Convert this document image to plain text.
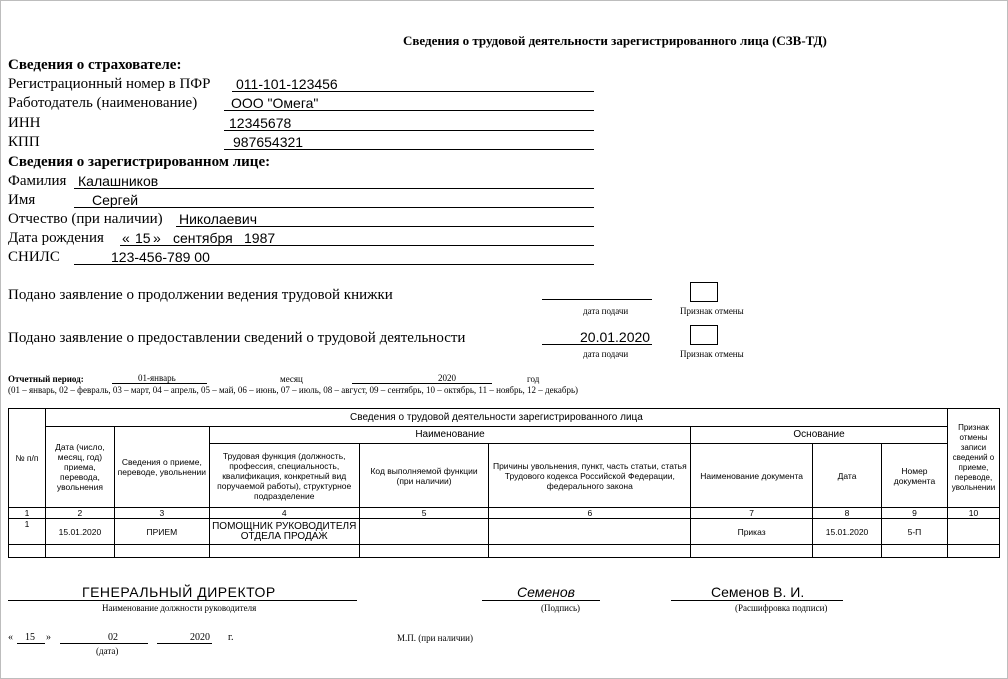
Сведения о трудовой деятельности зарегистрированного лица (СЗВ-ТД)
Сведения о страхователе:
Регистрационный номер в ПФР 011-101-123456
Работодатель (наименование) ООО "Омега"
ИНН	12345678
КПП	987654321
Сведения о зарегистрированном лице:
Фамилия Калашников
Имя	Сергей
Отчество (при наличии) Николаевич
Дата рождения « 15 » сентября 1987
СНИЛС	123-456-789 00
Подано заявление о продолжении ведения трудовой книжки
дата подачи	Признак отмены
Подано заявление о предоставлении сведений о трудовой деятельности	20.01.2020
дата подачи	Признак отмены
Отчетный период:	01-январь	месяц	2020	год
(01 – январь, 02 – февраль, 03 – март, 04 – апрель, 05 – май, 06 – июнь, 07 – июль, 08 – август, 09 – сентябрь, 10 – октябрь, 11 – ноябрь, 12 – декабрь)
№ п/п	Сведения о трудовой деятельности зарегистрированного лица								Признак отмены записи сведений о приеме, переводе, увольнении
	Дата (число, месяц, год) приема, перевода, увольнения	Сведения о приеме, переводе, увольнении	Наименование			Основание			
			Трудовая функция (должность, профессия, специальность, квалификация, конкретный вид поручаемой работы), структурное подразделение	Код выполняемой функции (при наличии)	Причины увольнения, пункт, часть статьи, статья Трудового кодекса Российской Федерации, федерального закона	Наименование документа	Дата	Номер документа	
1	2	3	4	5	6	7	8	9	10
1	15.01.2020	ПРИЕМ	ПОМОЩНИК РУКОВОДИТЕЛЯ ОТДЕЛА ПРОДАЖ			Приказ	15.01.2020	5-П	

ГЕНЕРАЛЬНЫЙ ДИРЕКТОР
Наименование должности руководителя
Семенов
(Подпись)
Семенов В. И.
(Расшифровка подписи)
« 15 »	02	2020 г.
(дата)
М.П. (при наличии)
